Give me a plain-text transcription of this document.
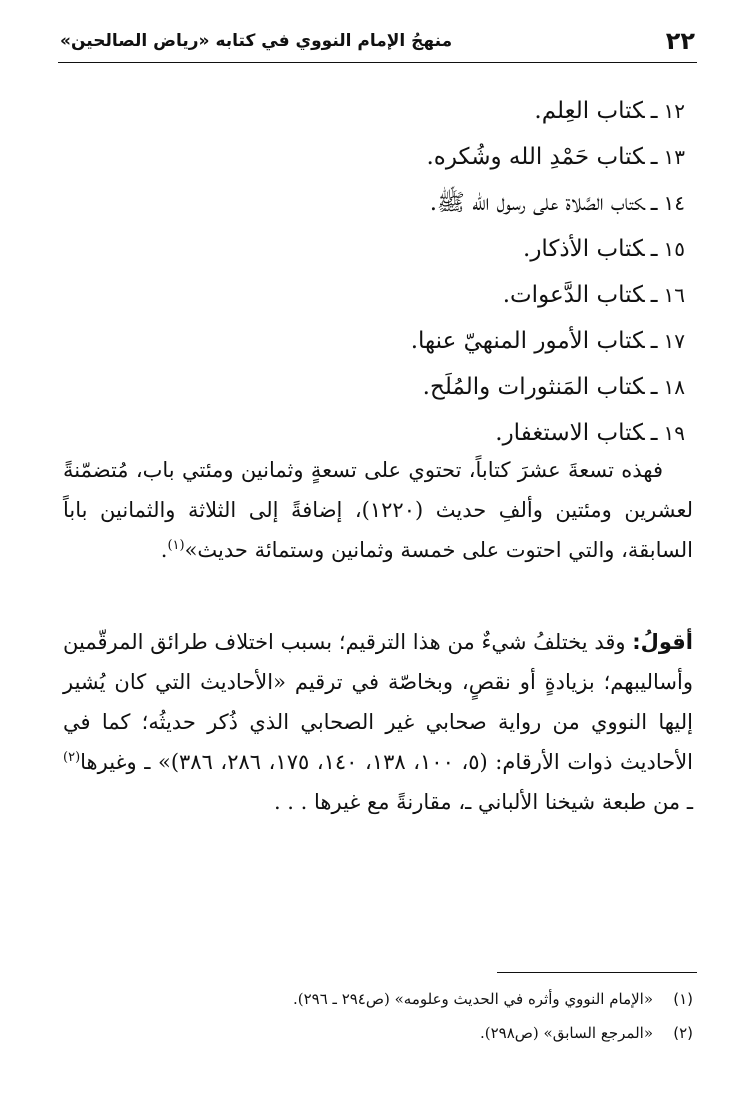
٢٢
منهجُ الإمام النووي في كتابه «رياض الصالحين»
١٢ـكتاب العِلم.
١٣ـكتاب حَمْدِ الله وشُكره.
١٤ـكتاب الصَّلاة على رسول الله ﷺ.
١٥ـكتاب الأذكار.
١٦ـكتاب الدَّعوات.
١٧ـكتاب الأمور المنهيّ عنها.
١٨ـكتاب المَنثورات والمُلَح.
١٩ـكتاب الاستغفار.

فهذه تسعةَ عشرَ كتاباً، تحتوي على تسعةٍ وثمانين ومئتي باب، مُتضمّنةً لعشرين ومئتين وألفِ حديث (١٢٢٠)، إضافةً إلى الثلاثة والثمانين باباً السابقة، والتي احتوت على خمسة وثمانين وستمائة حديث»$^{(١)}$.

أقولُ: وقد يختلفُ شيءٌ من هذا الترقيم؛ بسبب اختلاف طرائق المرقّمين وأساليبهم؛ بزيادةٍ أو نقصٍ، وبخاصّة في ترقيم «الأحاديث التي كان يُشير إليها النووي من رواية صحابي غير الصحابي الذي ذُكر حديثُه؛ كما في الأحاديث ذوات الأرقام: (٥، ١٠٠، ١٣٨، ١٤٠، ١٧٥، ٢٨٦، ٣٨٦)» ـ وغيرها$^{(٢)}$ ـ من طبعة شيخنا الألباني ـ، مقارنةً مع غيرها . . .

(١)«الإمام النووي وأثره في الحديث وعلومه» (ص٢٩٤ ـ ٢٩٦).
(٢)«المرجع السابق» (ص٢٩٨).
